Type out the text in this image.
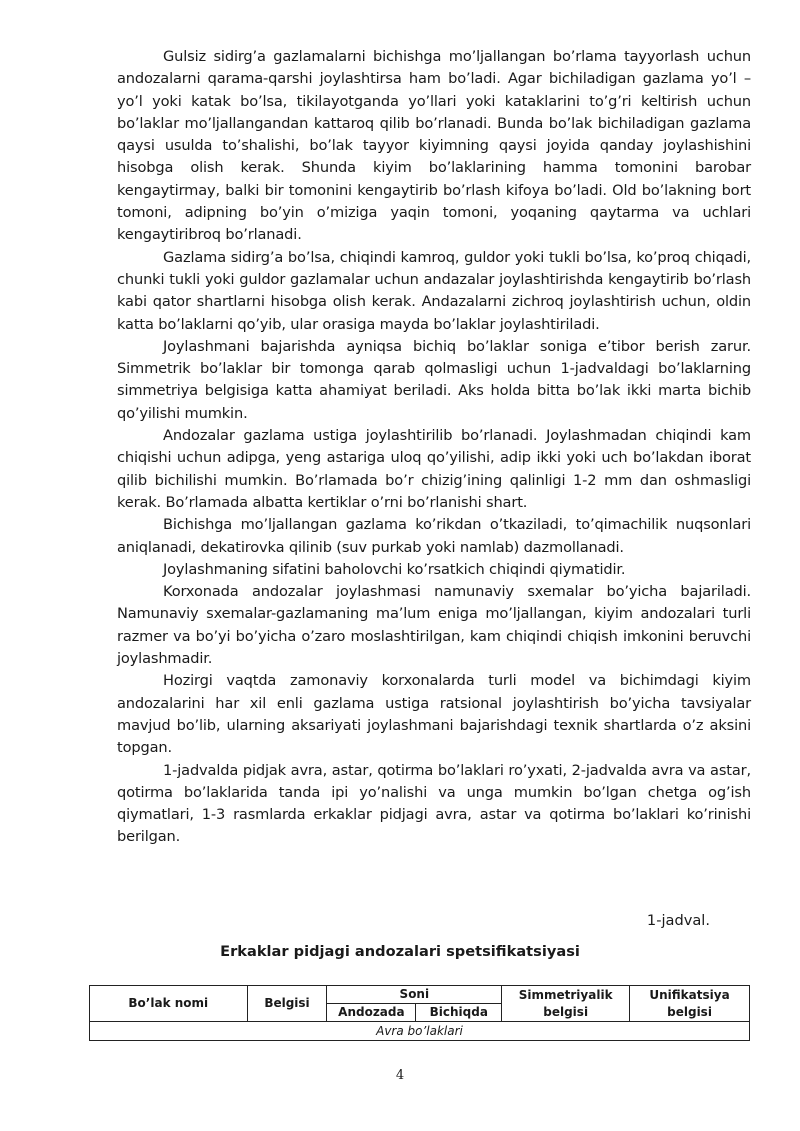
Gulsiz sidirg’a gazlamalarni bichishga mo’ljallangan bo’rlama tayyorlash uchun andozalarni qarama-qarshi joylashtirsa ham bo’ladi. Agar bichiladigan gazlama yo’l – yo’l yoki katak bo’lsa, tikilayotganda yo’llari yoki kataklarini to’g’ri keltirish uchun bo’laklar mo’ljallangandan kattaroq qilib bo’rlanadi. Bunda bo’lak bichiladigan gazlama qaysi usulda to’shalishi, bo’lak tayyor kiyimning qaysi joyida qanday joylashishini hisobga olish kerak. Shunda kiyim bo’laklarining hamma tomonini barobar kengaytirmay, balki bir tomonini kengaytirib bo’rlash kifoya bo’ladi. Old bo’lakning bort tomoni, adipning bo’yin o’miziga yaqin tomoni, yoqaning qaytarma va uchlari kengaytiribroq bo’rlanadi.

Gazlama sidirg’a bo’lsa, chiqindi kamroq, guldor yoki tukli bo’lsa, ko’proq chiqadi, chunki tukli yoki guldor gazlamalar uchun andazalar joylashtirishda kengaytirib bo’rlash kabi qator shartlarni hisobga olish kerak. Andazalarni zichroq joylashtirish uchun, oldin katta bo’laklarni qo’yib, ular orasiga mayda bo’laklar joylashtiriladi.

Joylashmani bajarishda ayniqsa bichiq bo’laklar soniga e’tibor berish zarur. Simmetrik bo’laklar bir tomonga qarab qolmasligi uchun 1-jadvaldagi bo’laklarning simmetriya belgisiga katta ahamiyat beriladi. Aks holda bitta bo’lak ikki marta bichib qo’yilishi mumkin.

Andozalar gazlama ustiga joylashtirilib bo’rlanadi. Joylashmadan chiqindi kam chiqishi uchun adipga, yeng astariga uloq qo’yilishi, adip ikki yoki uch bo’lakdan iborat qilib bichilishi mumkin. Bo’rlamada bo’r chizig’ining qalinligi 1-2 mm dan oshmasligi kerak. Bo’rlamada albatta kertiklar o’rni bo’rlanishi shart.

Bichishga mo’ljallangan gazlama ko’rikdan o’tkaziladi, to’qimachilik nuqsonlari aniqlanadi, dekatirovka qilinib (suv purkab yoki namlab) dazmollanadi.

Joylashmaning sifatini baholovchi ko’rsatkich chiqindi qiymatidir.

Korxonada andozalar joylashmasi namunaviy sxemalar bo’yicha bajariladi. Namunaviy sxemalar-gazlamaning ma’lum eniga mo’ljallangan, kiyim andozalari turli razmer va bo’yi bo’yicha o’zaro moslashtirilgan, kam chiqindi chiqish imkonini beruvchi joylashmadir.

Hozirgi vaqtda zamonaviy korxonalarda turli model va bichimdagi kiyim andozalarini har xil enli gazlama ustiga ratsional joylashtirish bo’yicha tavsiyalar mavjud bo’lib, ularning aksariyati joylashmani bajarishdagi texnik shartlarda o’z aksini topgan.

1-jadvalda pidjak avra, astar, qotirma bo’laklari ro’yxati, 2-jadvalda avra va astar, qotirma bo’laklarida tanda ipi yo’nalishi va unga mumkin bo’lgan chetga og’ish qiymatlari, 1-3 rasmlarda erkaklar pidjagi avra, astar va qotirma bo’laklari ko’rinishi berilgan.

1-jadval.
Erkaklar pidjagi andozalari spetsifikatsiyasi
Bo’lak nomi	Belgisi	Soni		Simmetriyalik belgisi	Unifikatsiya belgisi
		Andozada	Bichiqda		
Avra bo’laklari					
4
